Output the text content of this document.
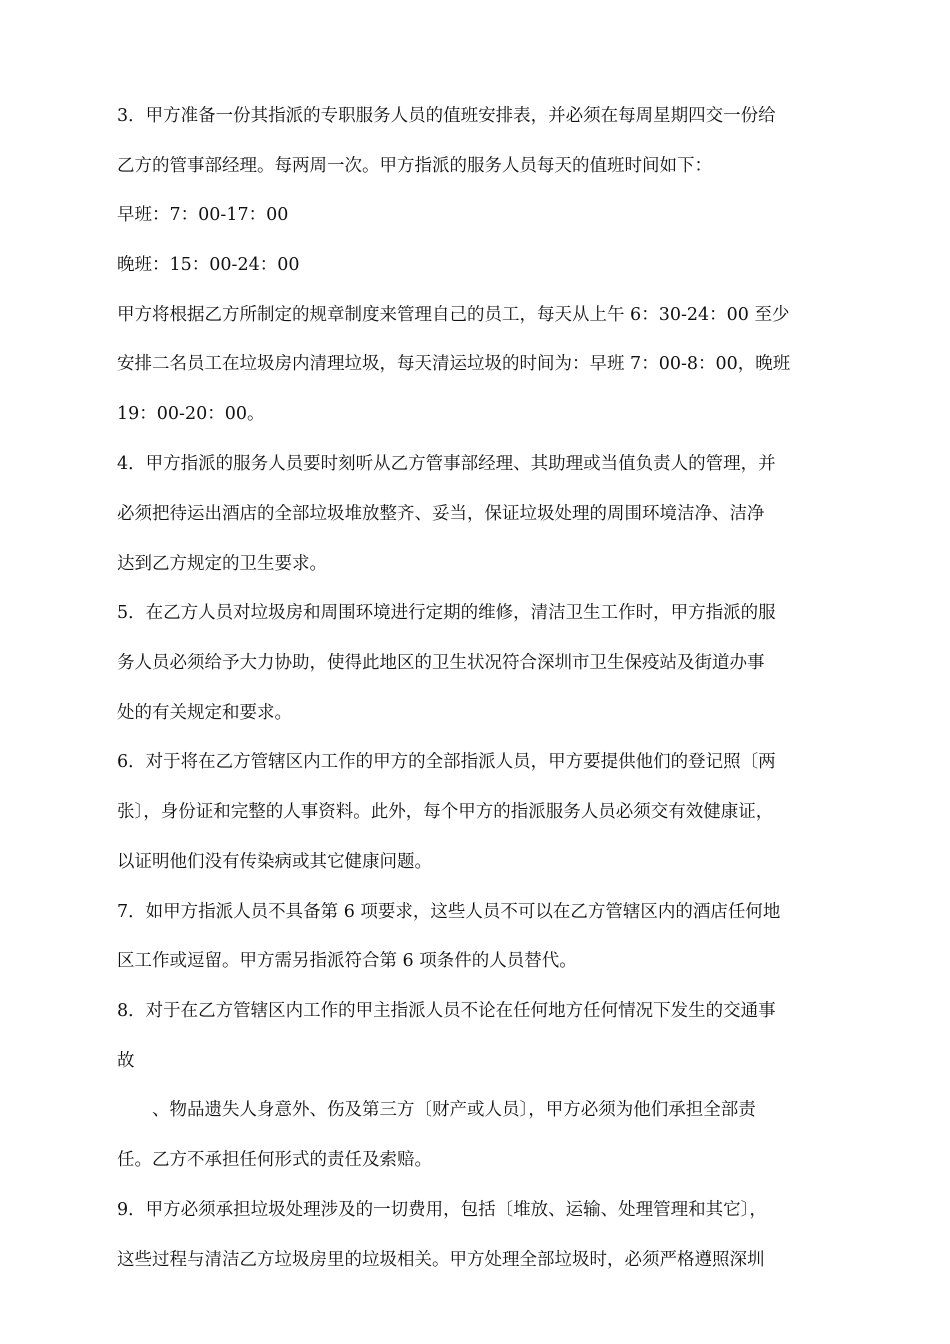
3．甲方准备一份其指派的专职服务人员的值班安排表，并必须在每周星期四交一份给
乙方的管事部经理。每两周一次。甲方指派的服务人员每天的值班时间如下：
早班：7：00-17：00
晚班：15：00-24：00
甲方将根据乙方所制定的规章制度来管理自己的员工，每天从上午 6：30-24：00 至少
安排二名员工在垃圾房内清理垃圾，每天清运垃圾的时间为：早班 7：00-8：00，晚班
19：00-20：00。
4．甲方指派的服务人员要时刻听从乙方管事部经理、其助理或当值负责人的管理，并
必须把待运出酒店的全部垃圾堆放整齐、妥当，保证垃圾处理的周围环境洁净、洁净
达到乙方规定的卫生要求。
5．在乙方人员对垃圾房和周围环境进行定期的维修，清洁卫生工作时，甲方指派的服
务人员必须给予大力协助，使得此地区的卫生状况符合深圳市卫生保疫站及街道办事
处的有关规定和要求。
6．对于将在乙方管辖区内工作的甲方的全部指派人员，甲方要提供他们的登记照〔两
张〕，身份证和完整的人事资料。此外，每个甲方的指派服务人员必须交有效健康证，
以证明他们没有传染病或其它健康问题。
7．如甲方指派人员不具备第 6 项要求，这些人员不可以在乙方管辖区内的酒店任何地
区工作或逗留。甲方需另指派符合第 6 项条件的人员替代。
8．对于在乙方管辖区内工作的甲主指派人员不论在任何地方任何情况下发生的交通事
故
、物品遗失人身意外、伤及第三方〔财产或人员〕，甲方必须为他们承担全部责
任。乙方不承担任何形式的责任及索赔。
9．甲方必须承担垃圾处理涉及的一切费用，包括〔堆放、运输、处理管理和其它〕，
这些过程与清洁乙方垃圾房里的垃圾相关。甲方处理全部垃圾时，必须严格遵照深圳
